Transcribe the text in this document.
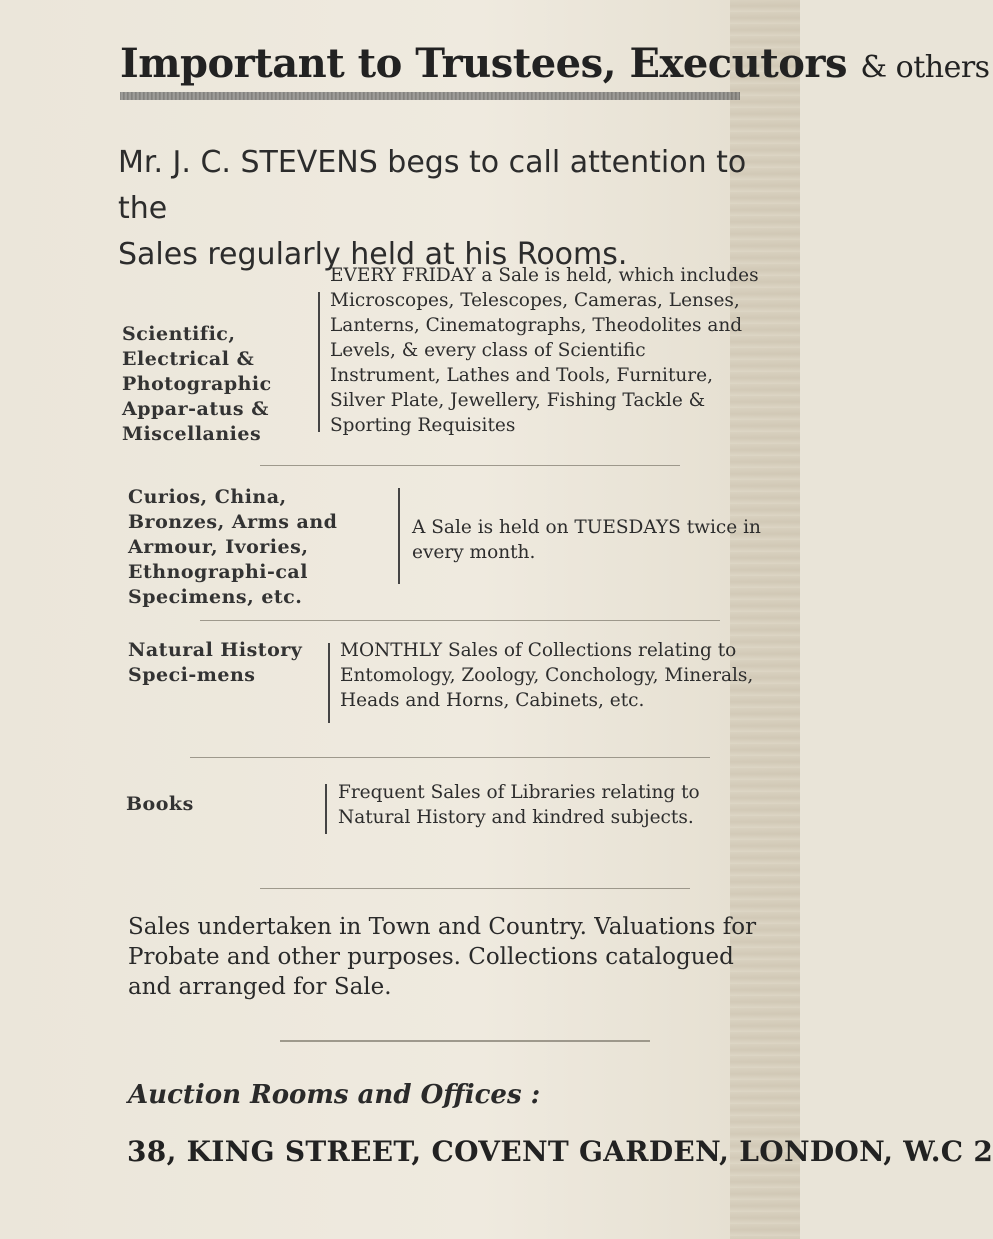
Important to Trustees, Executors & others
Mr. J. C. STEVENS begs to call attention to the
Sales regularly held at his Rooms.
Scientific, Electrical & Photographic Appar-atus & Miscellanies
EVERY FRIDAY a Sale is held, which includes Microscopes, Telescopes, Cameras, Lenses, Lanterns, Cinematographs, Theodolites and Levels, & every class of Scientific Instrument, Lathes and Tools, Furniture, Silver Plate, Jewellery, Fishing Tackle & Sporting Requisites
Curios, China, Bronzes, Arms and Armour, Ivories, Ethnographi-cal Specimens, etc.
A Sale is held on TUESDAYS twice in every month.
Natural History Speci-mens
MONTHLY Sales of Collections relating to Entomology, Zoology, Conchology, Minerals, Heads and Horns, Cabinets, etc.
Books
Frequent Sales of Libraries relating to Natural History and kindred subjects.
Sales undertaken in Town and Country. Valuations for Probate and other purposes. Collections catalogued and arranged for Sale.
Auction Rooms and Offices :
38, KING STREET, COVENT GARDEN, LONDON, W.C 2
